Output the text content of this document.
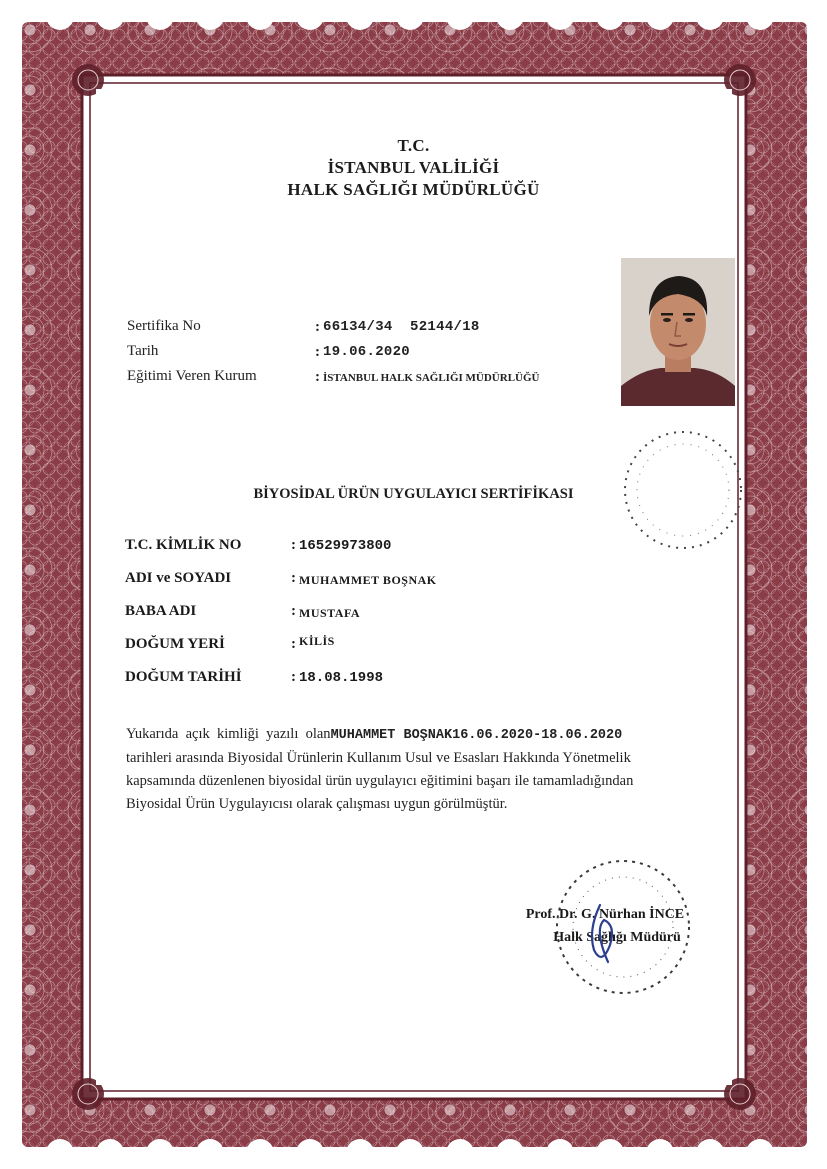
T.C.
İSTANBUL VALİLİĞİ
HALK SAĞLIĞI MÜDÜRLÜĞÜ
Sertifika No	: 66134/34  52144/18
Tarih	: 19.06.2020
Eğitimi Veren Kurum	: İSTANBUL HALK SAĞLIĞI MÜDÜRLÜĞÜ
BİYOSİDAL ÜRÜN UYGULAYICI SERTİFİKASI
T.C. KİMLİK NO	: 16529973800
ADI ve SOYADI	: MUHAMMET BOŞNAK
BABA ADI	: MUSTAFA
DOĞUM YERİ	: KİLİS
DOĞUM TARİHİ	: 18.08.1998
Yukarıda  açık  kimliği  yazılı  olanMUHAMMET BOŞNAK16.06.2020-18.06.2020
tarihleri arasında Biyosidal Ürünlerin Kullanım Usul ve Esasları Hakkında Yönetmelik
kapsamında düzenlenen biyosidal ürün uygulayıcı eğitimini başarı ile tamamladığından
Biyosidal Ürün Uygulayıcısı olarak çalışması uygun görülmüştür.
Prof. Dr. G. Nürhan İNCE
Halk Sağlığı Müdürü
